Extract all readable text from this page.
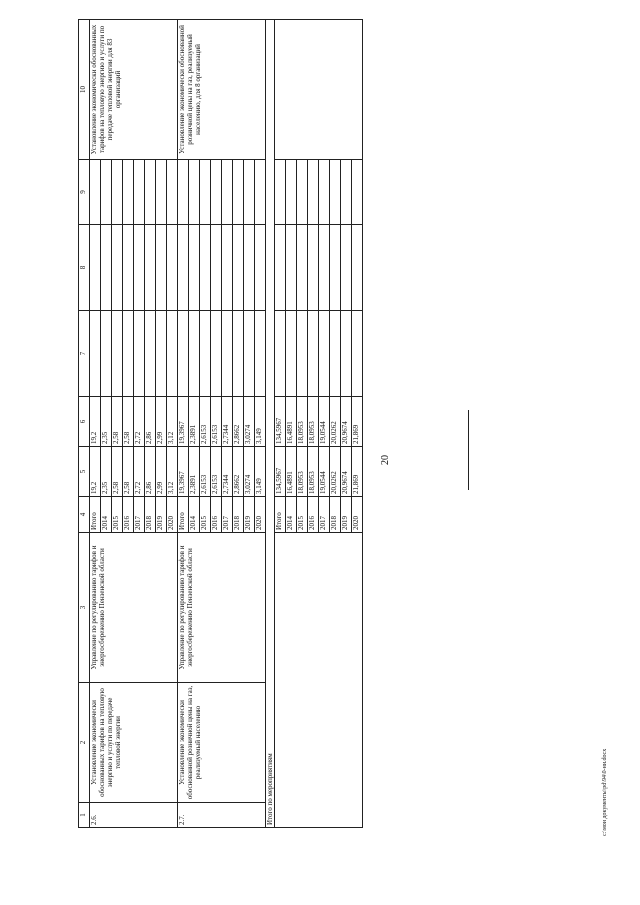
20
c:\мои документы\pd\94\0-ни.docx
1	2	3	4	5	6	7	8	9	10
2.6.	Установление экономически обоснованных тарифов на тепловую энергию и услуги по передаче тепловой энергии	Управление по регулированию тарифов и энергосбережению Пензенской области	Итого	19,2	19,2				Установление экономически обоснованных тарифов на тепловую энергию и услуги по передаче тепловой энергии для 83 организаций
			2014	2,35	2,35				
			2015	2,58	2,58				
			2016	2,58	2,58				
			2017	2,72	2,72				
			2018	2,86	2,86				
			2019	2,99	2,99				
			2020	3,12	3,12				
2.7.	Установление экономически обоснованной розничной цены на газ, реализуемый населению	Управление по регулированию тарифов и энергосбережению Пензенской области	Итого	19,3967	19,3967				Установление экономически обоснованной розничной цены на газ, реализуемый населению, для 8 организаций
			2014	2,3891	2,3891				
			2015	2,6153	2,6153				
			2016	2,6153	2,6153				
			2017	2,7344	2,7344				
			2018	2,8662	2,8662				
			2019	3,0274	3,0274				
			2020	3,149	3,149				
Итого по мероприятиям									
			Итого	134,5967	134,5967				
			2014	16,4891	16,4891				
			2015	18,0953	18,0953				
			2016	18,0953	18,0953				
			2017	19,0544	19,0544				
			2018	20,0262	20,0262				
			2019	20,9674	20,9674				
			2020	21,869	21,869				
